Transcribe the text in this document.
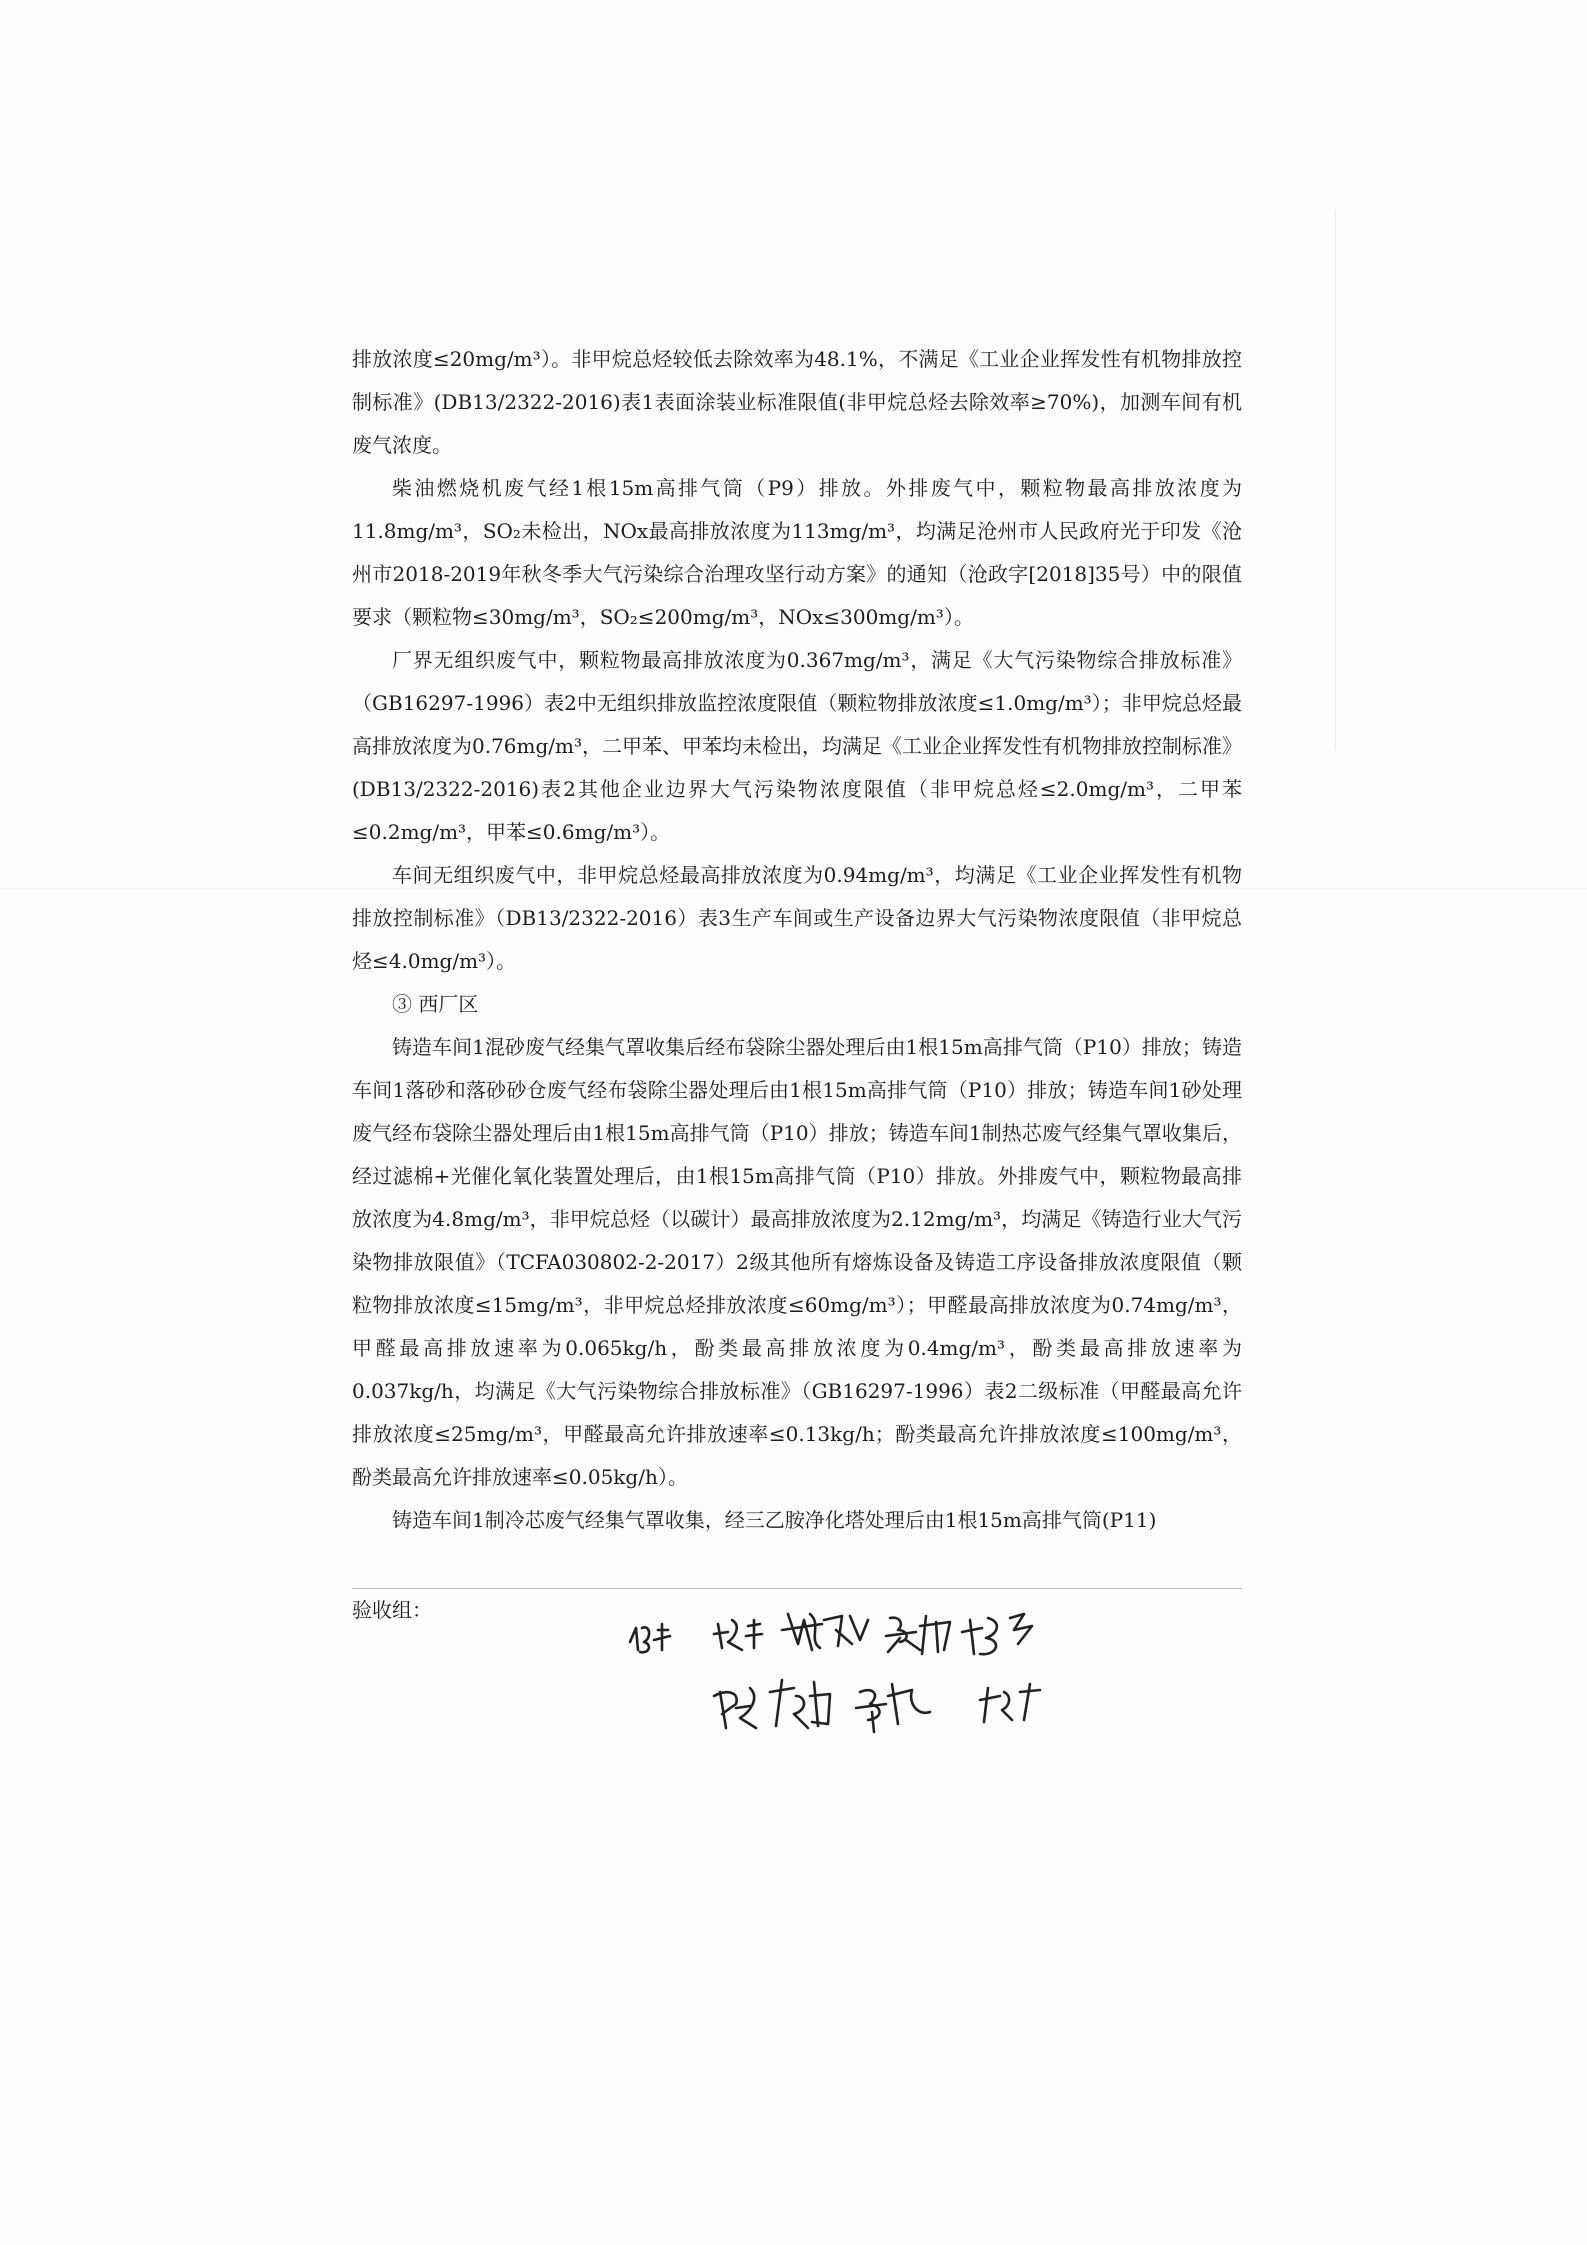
排放浓度≤20mg/m³）。非甲烷总烃较低去除效率为48.1%，不满足《工业企业挥发性有机物排放控制标准》(DB13/2322-2016)表1表面涂装业标准限值(非甲烷总烃去除效率≥70%)，加测车间有机废气浓度。

柴油燃烧机废气经1根15m高排气筒（P9）排放。外排废气中，颗粒物最高排放浓度为11.8mg/m³，SO₂未检出，NOx最高排放浓度为113mg/m³，均满足沧州市人民政府光于印发《沧州市2018-2019年秋冬季大气污染综合治理攻坚行动方案》的通知（沧政字[2018]35号）中的限值要求（颗粒物≤30mg/m³，SO₂≤200mg/m³，NOx≤300mg/m³）。

厂界无组织废气中，颗粒物最高排放浓度为0.367mg/m³，满足《大气污染物综合排放标准》（GB16297-1996）表2中无组织排放监控浓度限值（颗粒物排放浓度≤1.0mg/m³）；非甲烷总烃最高排放浓度为0.76mg/m³，二甲苯、甲苯均未检出，均满足《工业企业挥发性有机物排放控制标准》(DB13/2322-2016)表2其他企业边界大气污染物浓度限值（非甲烷总烃≤2.0mg/m³，二甲苯≤0.2mg/m³，甲苯≤0.6mg/m³）。

车间无组织废气中，非甲烷总烃最高排放浓度为0.94mg/m³，均满足《工业企业挥发性有机物排放控制标准》（DB13/2322-2016）表3生产车间或生产设备边界大气污染物浓度限值（非甲烷总烃≤4.0mg/m³）。

③ 西厂区

铸造车间1混砂废气经集气罩收集后经布袋除尘器处理后由1根15m高排气筒（P10）排放；铸造车间1落砂和落砂砂仓废气经布袋除尘器处理后由1根15m高排气筒（P10）排放；铸造车间1砂处理废气经布袋除尘器处理后由1根15m高排气筒（P10）排放；铸造车间1制热芯废气经集气罩收集后，经过滤棉+光催化氧化装置处理后，由1根15m高排气筒（P10）排放。外排废气中，颗粒物最高排放浓度为4.8mg/m³，非甲烷总烃（以碳计）最高排放浓度为2.12mg/m³，均满足《铸造行业大气污染物排放限值》（TCFA030802-2-2017）2级其他所有熔炼设备及铸造工序设备排放浓度限值（颗粒物排放浓度≤15mg/m³，非甲烷总烃排放浓度≤60mg/m³）；甲醛最高排放浓度为0.74mg/m³，甲醛最高排放速率为0.065kg/h，酚类最高排放浓度为0.4mg/m³，酚类最高排放速率为0.037kg/h，均满足《大气污染物综合排放标准》（GB16297-1996）表2二级标准（甲醛最高允许排放浓度≤25mg/m³，甲醛最高允许排放速率≤0.13kg/h；酚类最高允许排放浓度≤100mg/m³，酚类最高允许排放速率≤0.05kg/h）。

铸造车间1制冷芯废气经集气罩收集，经三乙胺净化塔处理后由1根15m高排气筒(P11)

验收组：
